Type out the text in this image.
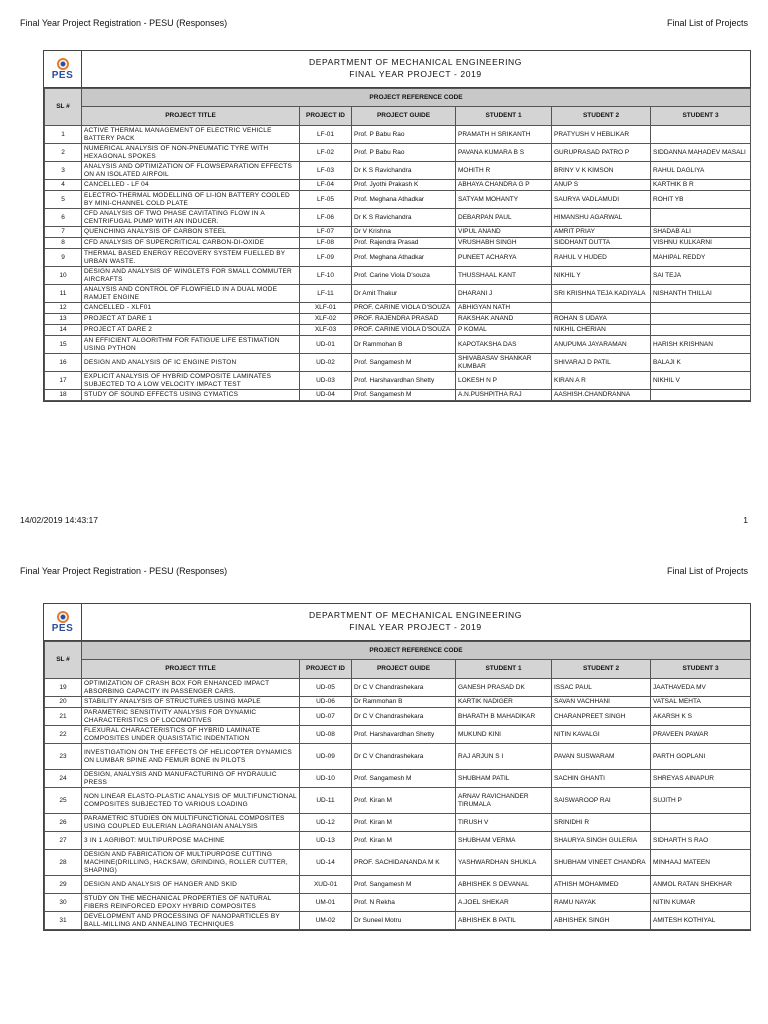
Final Year Project Registration - PESU (Responses)	Final List of Projects
PES
DEPARTMENT OF MECHANICAL ENGINEERING
FINAL YEAR PROJECT - 2019
SL #	PROJECT REFERENCE CODE					
	PROJECT TITLE	PROJECT ID	PROJECT GUIDE	STUDENT 1	STUDENT 2	STUDENT 3
1	ACTIVE THERMAL MANAGEMENT OF ELECTRIC VEHICLE BATTERY PACK	LF-01	Prof. P Babu Rao	PRAMATH H SRIKANTH	PRATYUSH V HEBLIKAR	
2	NUMERICAL ANALYSIS OF NON-PNEUMATIC TYRE WITH HEXAGONAL SPOKES	LF-02	Prof. P Babu Rao	PAVANA KUMARA B S	GURUPRASAD PATRO P	SIDDANNA MAHADEV MASALI
3	ANALYSIS AND OPTIMIZATION OF FLOWSEPARATION EFFECTS ON AN ISOLATED AIRFOIL	LF-03	Dr K S Ravichandra	MOHITH R	BRINY V K KIMSON	RAHUL DAGLIYA
4	CANCELLED - LF 04	LF-04	Prof. Jyothi Prakash K	ABHAYA CHANDRA G P	ANUP S	KARTHIK B R
5	ELECTRO-THERMAL MODELLING OF LI-ION BATTERY COOLED BY MINI-CHANNEL COLD PLATE	LF-05	Prof. Meghana Athadkar	SATYAM MOHANTY	SAURYA VADLAMUDI	ROHIT YB
6	CFD ANALYSIS OF TWO PHASE CAVITATING FLOW IN A CENTRIFUGAL PUMP WITH AN INDUCER.	LF-06	Dr K S Ravichandra	DEBARPAN PAUL	HIMANSHU AGARWAL	
7	QUENCHING ANALYSIS OF CARBON STEEL	LF-07	Dr V Krishna	VIPUL ANAND	AMRIT PRIAY	SHADAB ALI
8	CFD ANALYSIS OF SUPERCRITICAL CARBON-DI-OXIDE	LF-08	Prof. Rajendra Prasad	VRUSHABH SINGH	SIDDHANT DUTTA	VISHNU KULKARNI
9	THERMAL BASED ENERGY RECOVERY SYSTEM FUELLED BY URBAN WASTE.	LF-09	Prof. Meghana Athadkar	PUNEET ACHARYA	RAHUL V HUDED	MAHIPAL REDDY
10	DESIGN AND ANALYSIS OF WINGLETS FOR SMALL COMMUTER AIRCRAFTS	LF-10	Prof. Carine Viola D'souza	THUSSHAAL KANT	NIKHIL Y	SAI TEJA
11	ANALYSIS AND CONTROL OF FLOWFIELD IN A DUAL MODE RAMJET ENGINE	LF-11	Dr Amit Thakur	DHARANI J	SRI KRISHNA TEJA KADIYALA	NISHANTH THILLAI
12	CANCELLED - XLF01	XLF-01	PROF. CARINE VIOLA D'SOUZA	ABHIGYAN NATH		
13	PROJECT AT DARE 1	XLF-02	PROF. RAJENDRA PRASAD	RAKSHAK ANAND	ROHAN S UDAYA	
14	PROJECT AT DARE 2	XLF-03	PROF. CARINE VIOLA D'SOUZA	P KOMAL	NIKHIL CHERIAN	
15	AN EFFICIENT ALGORITHM FOR FATIGUE LIFE ESTIMATION USING PYTHON	UD-01	Dr Rammohan B	KAPOTAKSHA DAS	ANUPUMA JAYARAMAN	HARISH KRISHNAN
16	DESIGN AND ANALYSIS OF IC ENGINE PISTON	UD-02	Prof. Sangamesh M	SHIVABASAV SHANKAR KUMBAR	SHIVARAJ D PATIL	BALAJI K
17	EXPLICIT ANALYSIS OF HYBRID COMPOSITE LAMINATES SUBJECTED TO A LOW VELOCITY IMPACT TEST	UD-03	Prof. Harshavardhan Shetty	LOKESH N P	KIRAN A R	NIKHIL V
18	STUDY OF SOUND EFFECTS USING CYMATICS	UD-04	Prof. Sangamesh M	A.N.PUSHPITHA RAJ	AASHISH.CHANDRANNA	
14/02/2019 14:43:17	1
Final Year Project Registration - PESU (Responses)	Final List of Projects
PES
DEPARTMENT OF MECHANICAL ENGINEERING
FINAL YEAR PROJECT - 2019
SL #	PROJECT REFERENCE CODE					
	PROJECT TITLE	PROJECT ID	PROJECT GUIDE	STUDENT 1	STUDENT 2	STUDENT 3
19	OPTIMIZATION OF CRASH BOX FOR ENHANCED IMPACT ABSORBING CAPACITY IN PASSENGER CARS.	UD-05	Dr C V Chandrashekara	GANESH PRASAD DK	ISSAC PAUL	JAATHAVEDA MV
20	STABILITY ANALYSIS OF STRUCTURES USING MAPLE	UD-06	Dr Rammohan B	KARTIK NADIGER	SAVAN VACHHANI	VATSAL MEHTA
21	PARAMETRIC SENSITIVITY ANALYSIS FOR DYNAMIC CHARACTERISTICS OF LOCOMOTIVES	UD-07	Dr C V Chandrashekara	BHARATH B MAHADIKAR	CHARANPREET SINGH	AKARSH K S
22	FLEXURAL CHARACTERISTICS OF HYBRID LAMINATE COMPOSITES UNDER QUASISTATIC INDENTATION	UD-08	Prof. Harshavardhan Shetty	MUKUND KINI	NITIN KAVALGI	PRAVEEN PAWAR
23	INVESTIGATION ON THE EFFECTS OF HELICOPTER DYNAMICS ON LUMBAR SPINE AND FEMUR BONE IN PILOTS	UD-09	Dr C V Chandrashekara	RAJ ARJUN S I	PAVAN SUSWARAM	PARTH GOPLANI
24	DESIGN, ANALYSIS AND MANUFACTURING OF HYDRAULIC PRESS	UD-10	Prof. Sangamesh M	SHUBHAM PATIL	SACHIN GHANTI	SHREYAS AINAPUR
25	NON LINEAR ELASTO-PLASTIC ANALYSIS OF MULTIFUNCTIONAL COMPOSITES SUBJECTED TO VARIOUS LOADING	UD-11	Prof. Kiran M	ARNAV RAVICHANDER TIRUMALA	SAISWAROOP RAI	SUJITH P
26	PARAMETRIC STUDIES ON MULTIFUNCTIONAL COMPOSITES USING COUPLED EULERIAN LAGRANGIAN ANALYSIS	UD-12	Prof. Kiran M	TIRUSH V	SRINIDHI R	
27	3 IN 1 AGRIBOT: MULTIPURPOSE MACHINE	UD-13	Prof. Kiran M	SHUBHAM VERMA	SHAURYA SINGH GULERIA	SIDHARTH S RAO
28	DESIGN AND FABRICATION OF MULTIPURPOSE CUTTING MACHINE(DRILLING, HACKSAW, GRINDING, ROLLER CUTTER, SHAPING)	UD-14	PROF. SACHIDANANDA M K	YASHWARDHAN SHUKLA	SHUBHAM VINEET CHANDRA	MINHAAJ MATEEN
29	DESIGN AND ANALYSIS OF HANGER AND SKID	XUD-01	Prof. Sangamesh M	ABHISHEK S DEVANAL	ATHISH MOHAMMED	ANMOL RATAN SHEKHAR
30	STUDY ON THE MECHANICAL PROPERTIES OF NATURAL FIBERS REINFORCED EPOXY HYBRID COMPOSITES	UM-01	Prof. N Rekha	A.JOEL SHEKAR	RAMU NAYAK	NITIN KUMAR
31	DEVELOPMENT AND PROCESSING OF NANOPARTICLES BY BALL-MILLING AND ANNEALING TECHNIQUES	UM-02	Dr Suneel Motru	ABHISHEK B PATIL	ABHISHEK SINGH	AMITESH KOTHIYAL
